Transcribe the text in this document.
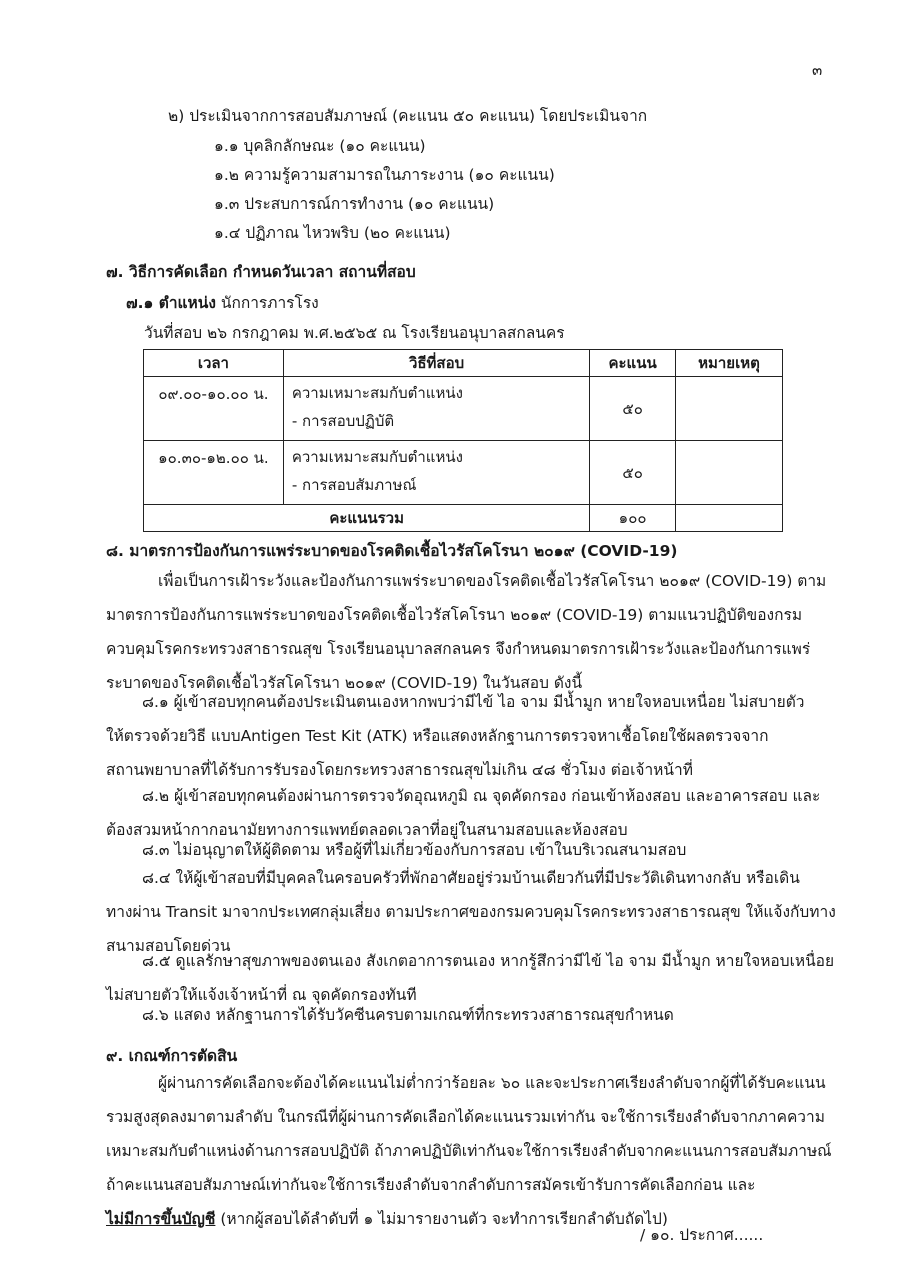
๓
๒) ประเมินจากการสอบสัมภาษณ์ (คะแนน ๕๐ คะแนน) โดยประเมินจาก
๑.๑ บุคลิกลักษณะ (๑๐ คะแนน)
๑.๒ ความรู้ความสามารถในภาระงาน (๑๐ คะแนน)
๑.๓ ประสบการณ์การทำงาน (๑๐ คะแนน)
๑.๔ ปฏิภาณ ไหวพริบ (๒๐ คะแนน)
๗. วิธีการคัดเลือก กำหนดวันเวลา สถานที่สอบ
๗.๑ ตำแหน่ง นักการภารโรง
วันที่สอบ ๒๖ กรกฎาคม พ.ศ.๒๕๖๕ ณ โรงเรียนอนุบาลสกลนคร
เวลา	วิธีที่สอบ	คะแนน	หมายเหตุ
๐๙.๐๐-๑๐.๐๐ น.	ความเหมาะสมกับตำแหน่ง
- การสอบปฏิบัติ	๕๐	
๑๐.๓๐-๑๒.๐๐ น.	ความเหมาะสมกับตำแหน่ง
- การสอบสัมภาษณ์	๕๐	
คะแนนรวม		๑๐๐	
๘. มาตรการป้องกันการแพร่ระบาดของโรคติดเชื้อไวรัสโคโรนา ๒๐๑๙ (COVID-19)

เพื่อเป็นการเฝ้าระวังและป้องกันการแพร่ระบาดของโรคติดเชื้อไวรัสโคโรนา ๒๐๑๙ (COVID-19) ตาม

มาตรการป้องกันการแพร่ระบาดของโรคติดเชื้อไวรัสโคโรนา ๒๐๑๙ (COVID-19) ตามแนวปฏิบัติของกรม

ควบคุมโรคกระทรวงสาธารณสุข โรงเรียนอนุบาลสกลนคร จึงกำหนดมาตรการเฝ้าระวังและป้องกันการแพร่

ระบาดของโรคติดเชื้อไวรัสโคโรนา ๒๐๑๙ (COVID-19) ในวันสอบ ดังนี้

๘.๑ ผู้เข้าสอบทุกคนต้องประเมินตนเองหากพบว่ามีไข้ ไอ จาม มีน้ำมูก หายใจหอบเหนื่อย ไม่สบายตัว

ให้ตรวจด้วยวิธี แบบAntigen Test Kit (ATK) หรือแสดงหลักฐานการตรวจหาเชื้อโดยใช้ผลตรวจจาก

สถานพยาบาลที่ได้รับการรับรองโดยกระทรวงสาธารณสุขไม่เกิน ๔๘ ชั่วโมง ต่อเจ้าหน้าที่

๘.๒ ผู้เข้าสอบทุกคนต้องผ่านการตรวจวัดอุณหภูมิ ณ จุดคัดกรอง ก่อนเข้าห้องสอบ และอาคารสอบ และ

ต้องสวมหน้ากากอนามัยทางการแพทย์ตลอดเวลาที่อยู่ในสนามสอบและห้องสอบ

๘.๓ ไม่อนุญาตให้ผู้ติดตาม หรือผู้ที่ไม่เกี่ยวข้องกับการสอบ เข้าในบริเวณสนามสอบ

๘.๔ ให้ผู้เข้าสอบที่มีบุคคลในครอบครัวที่พักอาศัยอยู่ร่วมบ้านเดียวกันที่มีประวัติเดินทางกลับ หรือเดิน

ทางผ่าน Transit มาจากประเทศกลุ่มเสี่ยง ตามประกาศของกรมควบคุมโรคกระทรวงสาธารณสุข ให้แจ้งกับทาง

สนามสอบโดยด่วน

๘.๕ ดูแลรักษาสุขภาพของตนเอง สังเกตอาการตนเอง หากรู้สึกว่ามีไข้ ไอ จาม มีน้ำมูก หายใจหอบเหนื่อย

ไม่สบายตัวให้แจ้งเจ้าหน้าที่ ณ จุดคัดกรองทันที

๘.๖ แสดง หลักฐานการได้รับวัคซีนครบตามเกณฑ์ที่กระทรวงสาธารณสุขกำหนด

๙. เกณฑ์การตัดสิน

ผู้ผ่านการคัดเลือกจะต้องได้คะแนนไม่ต่ำกว่าร้อยละ ๖๐ และจะประกาศเรียงลำดับจากผู้ที่ได้รับคะแนน

รวมสูงสุดลงมาตามลำดับ ในกรณีที่ผู้ผ่านการคัดเลือกได้คะแนนรวมเท่ากัน จะใช้การเรียงลำดับจากภาคความ

เหมาะสมกับตำแหน่งด้านการสอบปฏิบัติ ถ้าภาคปฏิบัติเท่ากันจะใช้การเรียงลำดับจากคะแนนการสอบสัมภาษณ์

ถ้าคะแนนสอบสัมภาษณ์เท่ากันจะใช้การเรียงลำดับจากลำดับการสมัครเข้ารับการคัดเลือกก่อน และ

ไม่มีการขึ้นบัญชี (หากผู้สอบได้ลำดับที่ ๑ ไม่มารายงานตัว จะทำการเรียกลำดับถัดไป)

/ ๑๐. ประกาศ......
